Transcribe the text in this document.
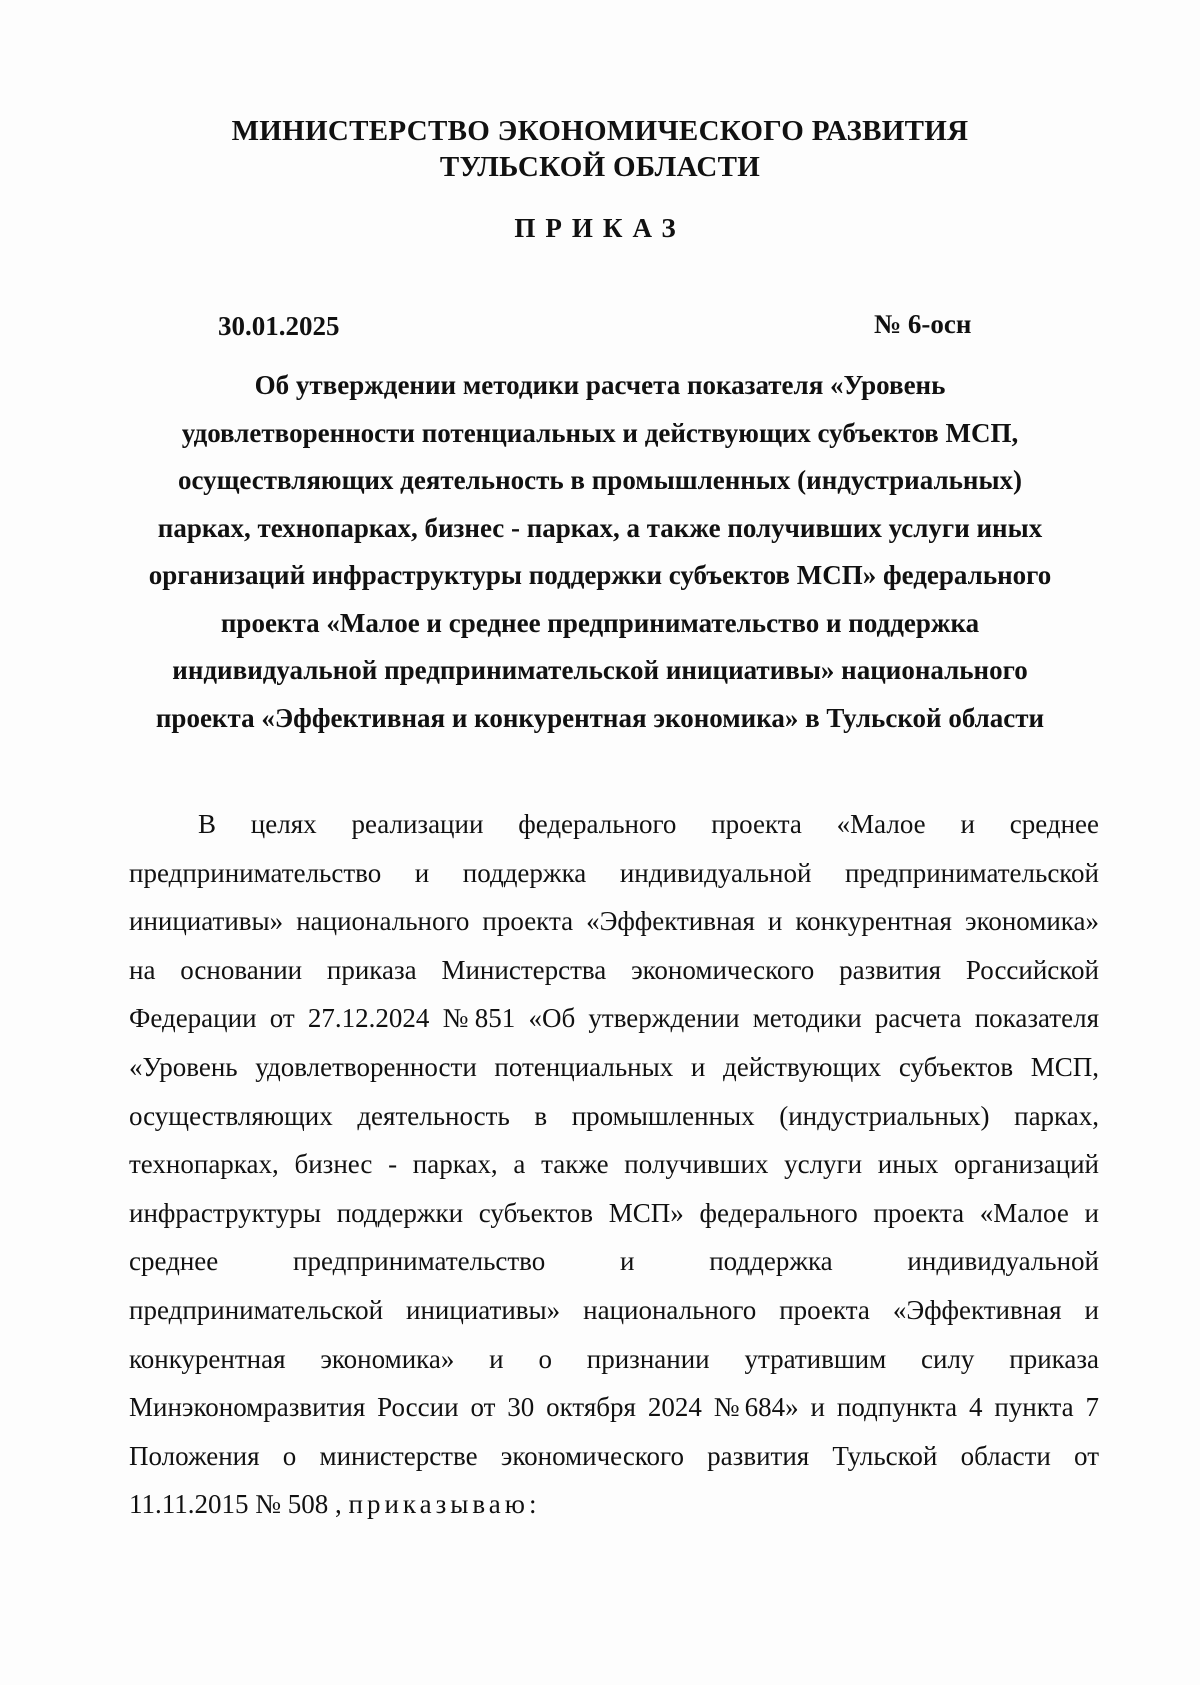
МИНИСТЕРСТВО ЭКОНОМИЧЕСКОГО РАЗВИТИЯ
ТУЛЬСКОЙ ОБЛАСТИ
ПРИКАЗ
30.01.2025	№ 6-осн
Об утверждении методики расчета показателя «Уровень
удовлетворенности потенциальных и действующих субъектов МСП,
осуществляющих деятельность в промышленных (индустриальных)
парках, технопарках, бизнес - парках, а также получивших услуги иных
организаций инфраструктуры поддержки субъектов МСП» федерального
проекта «Малое и среднее предпринимательство и поддержка
индивидуальной предпринимательской инициативы» национального
проекта «Эффективная и конкурентная экономика» в Тульской области
В целях реализации федерального проекта «Малое и среднее
предпринимательство и поддержка индивидуальной предпринимательской
инициативы» национального проекта «Эффективная и конкурентная экономика»
на основании приказа Министерства экономического развития Российской
Федерации от 27.12.2024 №851 «Об утверждении методики расчета показателя
«Уровень удовлетворенности потенциальных и действующих субъектов МСП,
осуществляющих деятельность в промышленных (индустриальных) парках,
технопарках, бизнес - парках, а также получивших услуги иных организаций
инфраструктуры поддержки субъектов МСП» федерального проекта «Малое и
среднее предпринимательство и поддержка индивидуальной
предпринимательской инициативы» национального проекта «Эффективная и
конкурентная экономика» и о признании утратившим силу приказа
Минэкономразвития России от 30 октября 2024 №684» и подпункта 4 пункта 7
Положения о министерстве экономического развития Тульской области от
11.11.2015 № 508 , приказываю:
